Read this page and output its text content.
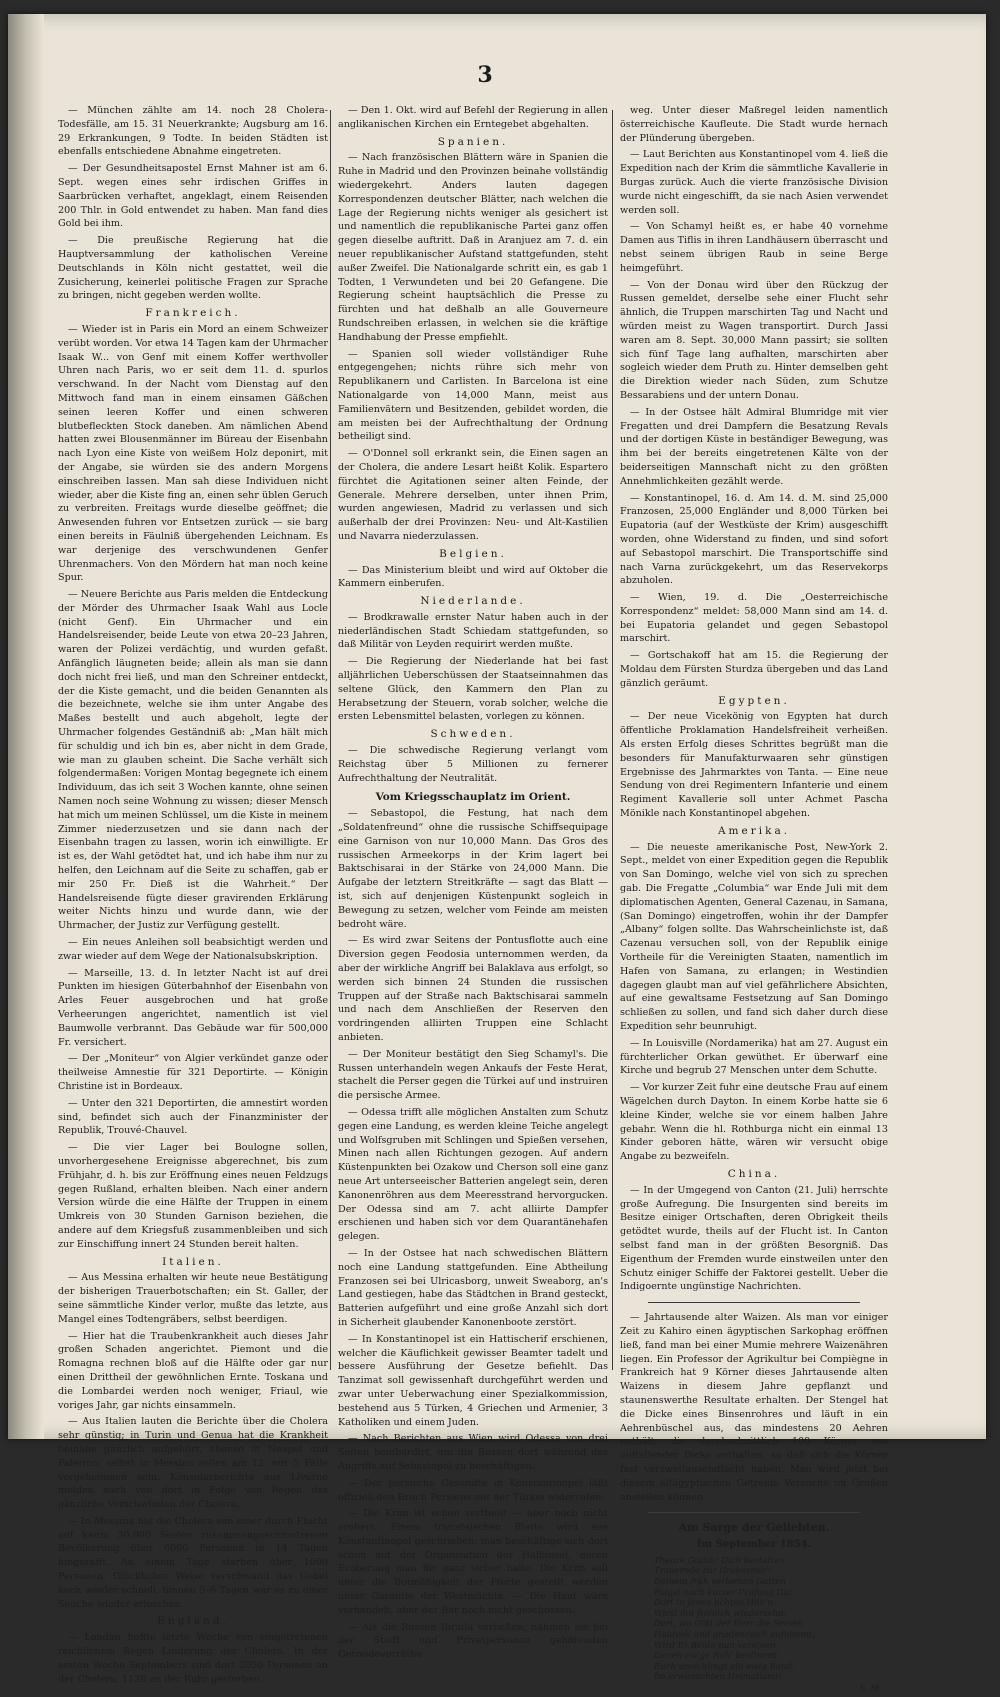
3

— München zählte am 14. noch 28 Cholera-Todesfälle, am 15. 31 Neuerkrankte; Augsburg am 16. 29 Erkrankungen, 9 Todte. In beiden Städten ist ebenfalls entschiedene Abnahme eingetreten.

— Der Gesundheitsapostel Ernst Mahner ist am 6. Sept. wegen eines sehr irdischen Griffes in Saarbrücken verhaftet, angeklagt, einem Reisenden 200 Thlr. in Gold entwendet zu haben. Man fand dies Gold bei ihm.

— Die preußische Regierung hat die Hauptversammlung der katholischen Vereine Deutschlands in Köln nicht gestattet, weil die Zusicherung, keinerlei politische Fragen zur Sprache zu bringen, nicht gegeben werden wollte.

Frankreich.

— Wieder ist in Paris ein Mord an einem Schweizer verübt worden. Vor etwa 14 Tagen kam der Uhrmacher Isaak W... von Genf mit einem Koffer werthvoller Uhren nach Paris, wo er seit dem 11. d. spurlos verschwand. In der Nacht vom Dienstag auf den Mittwoch fand man in einem einsamen Gäßchen seinen leeren Koffer und einen schweren blutbefleckten Stock daneben. Am nämlichen Abend hatten zwei Blousenmänner im Büreau der Eisenbahn nach Lyon eine Kiste von weißem Holz deponirt, mit der Angabe, sie würden sie des andern Morgens einschreiben lassen. Man sah diese Individuen nicht wieder, aber die Kiste fing an, einen sehr üblen Geruch zu verbreiten. Freitags wurde dieselbe geöffnet; die Anwesenden fuhren vor Entsetzen zurück — sie barg einen bereits in Fäulniß übergehenden Leichnam. Es war derjenige des verschwundenen Genfer Uhrenmachers. Von den Mördern hat man noch keine Spur.

— Neuere Berichte aus Paris melden die Entdeckung der Mörder des Uhrmacher Isaak Wahl aus Locle (nicht Genf). Ein Uhrmacher und ein Handelsreisender, beide Leute von etwa 20–23 Jahren, waren der Polizei verdächtig, und wurden gefaßt. Anfänglich läugneten beide; allein als man sie dann doch nicht frei ließ, und man den Schreiner entdeckt, der die Kiste gemacht, und die beiden Genannten als die bezeichnete, welche sie ihm unter Angabe des Maßes bestellt und auch abgeholt, legte der Uhrmacher folgendes Geständniß ab: „Man hält mich für schuldig und ich bin es, aber nicht in dem Grade, wie man zu glauben scheint. Die Sache verhält sich folgendermaßen: Vorigen Montag begegnete ich einem Individuum, das ich seit 3 Wochen kannte, ohne seinen Namen noch seine Wohnung zu wissen; dieser Mensch hat mich um meinen Schlüssel, um die Kiste in meinem Zimmer niederzusetzen und sie dann nach der Eisenbahn tragen zu lassen, worin ich einwilligte. Er ist es, der Wahl getödtet hat, und ich habe ihm nur zu helfen, den Leichnam auf die Seite zu schaffen, gab er mir 250 Fr. Dieß ist die Wahrheit.“ Der Handelsreisende fügte dieser gravirenden Erklärung weiter Nichts hinzu und wurde dann, wie der Uhrmacher, der Justiz zur Verfügung gestellt.

— Ein neues Anleihen soll beabsichtigt werden und zwar wieder auf dem Wege der Nationalsubskription.

— Marseille, 13. d. In letzter Nacht ist auf drei Punkten im hiesigen Güterbahnhof der Eisenbahn von Arles Feuer ausgebrochen und hat große Verheerungen angerichtet, namentlich ist viel Baumwolle verbrannt. Das Gebäude war für 500,000 Fr. versichert.

— Der „Moniteur“ von Algier verkündet ganze oder theilweise Amnestie für 321 Deportirte. — Königin Christine ist in Bordeaux.

— Unter den 321 Deportirten, die amnestirt worden sind, befindet sich auch der Finanzminister der Republik, Trouvé-Chauvel.

— Die vier Lager bei Boulogne sollen, unvorhergesehene Ereignisse abgerechnet, bis zum Frühjahr, d. h. bis zur Eröffnung eines neuen Feldzugs gegen Rußland, erhalten bleiben. Nach einer andern Version würde die eine Hälfte der Truppen in einem Umkreis von 30 Stunden Garnison beziehen, die andere auf dem Kriegsfuß zusammenbleiben und sich zur Einschiffung innert 24 Stunden bereit halten.

Italien.

— Aus Messina erhalten wir heute neue Bestätigung der bisherigen Trauerbotschaften; ein St. Galler, der seine sämmtliche Kinder verlor, mußte das letzte, aus Mangel eines Todtengräbers, selbst beerdigen.

— Hier hat die Traubenkrankheit auch dieses Jahr großen Schaden angerichtet. Piemont und die Romagna rechnen bloß auf die Hälfte oder gar nur einen Drittheil der gewöhnlichen Ernte. Toskana und die Lombardei werden noch weniger, Friaul, wie voriges Jahr, gar nichts einsammeln.

— Aus Italien lauten die Berichte über die Cholera sehr günstig; in Turin und Genua hat die Krankheit beinahe gänzlich aufgehört, ebenso in Neapel und Palermo; selbst in Messina sollen am 12. nur 5 Fälle vorgekommen sein. Konsularberichte aus Livorno melden auch von dort in Folge von Regen das gänzliche Verschwinden der Cholera.

— In Messina hat die Cholera von einer durch Flucht auf kaum 30,000 Seelen zusammengeschmolzenen Bevölkerung über 6000 Personen in 14 Tagen hingerafft. An einem Tage starben über 1000 Personen. Glücklicher Weise verschwand das Uebel auch wieder schnell, binnen 5–6 Tagen war es zu einer Seuche wieder erloschen.

England.

— London hoffte letzte Woche von eingetretenen reichlichem Regen Linderung der Cholera. In der ersten Woche Septembers sind dort 2050 Personen an der Cholera, 1128 an der Ruhr gestorben.

— Den 1. Okt. wird auf Befehl der Regierung in allen anglikanischen Kirchen ein Erntegebet abgehalten.

Spanien.

— Nach französischen Blättern wäre in Spanien die Ruhe in Madrid und den Provinzen beinahe vollständig wiedergekehrt. Anders lauten dagegen Korrespondenzen deutscher Blätter, nach welchen die Lage der Regierung nichts weniger als gesichert ist und namentlich die republikanische Partei ganz offen gegen dieselbe auftritt. Daß in Aranjuez am 7. d. ein neuer republikanischer Aufstand stattgefunden, steht außer Zweifel. Die Nationalgarde schritt ein, es gab 1 Todten, 1 Verwundeten und bei 20 Gefangene. Die Regierung scheint hauptsächlich die Presse zu fürchten und hat deßhalb an alle Gouverneure Rundschreiben erlassen, in welchen sie die kräftige Handhabung der Presse empfiehlt.

— Spanien soll wieder vollständiger Ruhe entgegengehen; nichts rühre sich mehr von Republikanern und Carlisten. In Barcelona ist eine Nationalgarde von 14,000 Mann, meist aus Familienvätern und Besitzenden, gebildet worden, die am meisten bei der Aufrechthaltung der Ordnung betheiligt sind.

— O'Donnel soll erkrankt sein, die Einen sagen an der Cholera, die andere Lesart heißt Kolik. Espartero fürchtet die Agitationen seiner alten Feinde, der Generale. Mehrere derselben, unter ihnen Prim, wurden angewiesen, Madrid zu verlassen und sich außerhalb der drei Provinzen: Neu- und Alt-Kastilien und Navarra niederzulassen.

Belgien.

— Das Ministerium bleibt und wird auf Oktober die Kammern einberufen.

Niederlande.

— Brodkrawalle ernster Natur haben auch in der niederländischen Stadt Schiedam stattgefunden, so daß Militär von Leyden requirirt werden mußte.

— Die Regierung der Niederlande hat bei fast alljährlichen Ueberschüssen der Staatseinnahmen das seltene Glück, den Kammern den Plan zu Herabsetzung der Steuern, vorab solcher, welche die ersten Lebensmittel belasten, vorlegen zu können.

Schweden.

— Die schwedische Regierung verlangt vom Reichstag über 5 Millionen zu fernerer Aufrechthaltung der Neutralität.

Vom Kriegsschauplatz im Orient.

— Sebastopol, die Festung, hat nach dem „Soldatenfreund“ ohne die russische Schiffsequipage eine Garnison von nur 10,000 Mann. Das Gros des russischen Armeekorps in der Krim lagert bei Baktschisarai in der Stärke von 24,000 Mann. Die Aufgabe der letztern Streitkräfte — sagt das Blatt — ist, sich auf denjenigen Küstenpunkt sogleich in Bewegung zu setzen, welcher vom Feinde am meisten bedroht wäre.

— Es wird zwar Seitens der Pontusflotte auch eine Diversion gegen Feodosia unternommen werden, da aber der wirkliche Angriff bei Balaklava aus erfolgt, so werden sich binnen 24 Stunden die russischen Truppen auf der Straße nach Baktschisarai sammeln und nach dem Anschließen der Reserven den vordringenden alliirten Truppen eine Schlacht anbieten.

— Der Moniteur bestätigt den Sieg Schamyl's. Die Russen unterhandeln wegen Ankaufs der Feste Herat, stachelt die Perser gegen die Türkei auf und instruiren die persische Armee.

— Odessa trifft alle möglichen Anstalten zum Schutz gegen eine Landung, es werden kleine Teiche angelegt und Wolfsgruben mit Schlingen und Spießen versehen, Minen nach allen Richtungen gezogen. Auf andern Küstenpunkten bei Ozakow und Cherson soll eine ganz neue Art unterseeischer Batterien angelegt sein, deren Kanonenröhren aus dem Meeresstrand hervorgucken. Der Odessa sind am 7. acht alliirte Dampfer erschienen und haben sich vor dem Quarantänehafen gelegen.

— In der Ostsee hat nach schwedischen Blättern noch eine Landung stattgefunden. Eine Abtheilung Franzosen sei bei Ulricasborg, unweit Sweaborg, an's Land gestiegen, habe das Städtchen in Brand gesteckt, Batterien aufgeführt und eine große Anzahl sich dort in Sicherheit glaubender Kanonenboote zerstört.

— In Konstantinopel ist ein Hattischerif erschienen, welcher die Käuflichkeit gewisser Beamter tadelt und bessere Ausführung der Gesetze befiehlt. Das Tanzimat soll gewissenhaft durchgeführt werden und zwar unter Ueberwachung einer Spezialkommission, bestehend aus 5 Türken, 4 Griechen und Armenier, 3 Katholiken und einem Juden.

— Nach Berichten aus Wien wird Odessa von drei Seiten bombardirt, um die Russen dort während des Angriffs auf Sebastopol zu beschäftigen.

— Der persische Gesandte in Konstantinopel läßt offiziell den Bruch Persiens mit der Türkei widerrufen.

— Die Krim ist schon vertheilt — aber noch nicht erobert. Einem französischen Blatte wird aus Konstantinopel geschrieben: man beschäftige sich dort schon mit der Organisation der Halbinsel, deren Eroberung man für ganz sicher halte. Die Krim soll unter die Botmäßigkeit der Pforte gestellt werden unter Garantie der Westmächte. — Die Haut wäre verhandelt, aber der Bär noch nicht geschossen.

— Als die Russen Ibraila verließen, nahmen sie bei der Stadt und Privatpersonen gehörenden Getreidevorräthe

weg. Unter dieser Maßregel leiden namentlich österreichische Kaufleute. Die Stadt wurde hernach der Plünderung übergeben.

— Laut Berichten aus Konstantinopel vom 4. ließ die Expedition nach der Krim die sämmtliche Kavallerie in Burgas zurück. Auch die vierte französische Division wurde nicht eingeschifft, da sie nach Asien verwendet werden soll.

— Von Schamyl heißt es, er habe 40 vornehme Damen aus Tiflis in ihren Landhäusern überrascht und nebst seinem übrigen Raub in seine Berge heimgeführt.

— Von der Donau wird über den Rückzug der Russen gemeldet, derselbe sehe einer Flucht sehr ähnlich, die Truppen marschirten Tag und Nacht und würden meist zu Wagen transportirt. Durch Jassi waren am 8. Sept. 30,000 Mann passirt; sie sollten sich fünf Tage lang aufhalten, marschirten aber sogleich wieder dem Pruth zu. Hinter demselben geht die Direktion wieder nach Süden, zum Schutze Bessarabiens und der untern Donau.

— In der Ostsee hält Admiral Blumridge mit vier Fregatten und drei Dampfern die Besatzung Revals und der dortigen Küste in beständiger Bewegung, was ihm bei der bereits eingetretenen Kälte von der beiderseitigen Mannschaft nicht zu den größten Annehmlichkeiten gezählt werde.

— Konstantinopel, 16. d. Am 14. d. M. sind 25,000 Franzosen, 25,000 Engländer und 8,000 Türken bei Eupatoria (auf der Westküste der Krim) ausgeschifft worden, ohne Widerstand zu finden, und sind sofort auf Sebastopol marschirt. Die Transportschiffe sind nach Varna zurückgekehrt, um das Reservekorps abzuholen.

— Wien, 19. d. Die „Oesterreichische Korrespondenz“ meldet: 58,000 Mann sind am 14. d. bei Eupatoria gelandet und gegen Sebastopol marschirt.

— Gortschakoff hat am 15. die Regierung der Moldau dem Fürsten Sturdza übergeben und das Land gänzlich geräumt.

Egypten.

— Der neue Vicekönig von Egypten hat durch öffentliche Proklamation Handelsfreiheit verheißen. Als ersten Erfolg dieses Schrittes begrüßt man die besonders für Manufakturwaaren sehr günstigen Ergebnisse des Jahrmarktes von Tanta. — Eine neue Sendung von drei Regimentern Infanterie und einem Regiment Kavallerie soll unter Achmet Pascha Mönikle nach Konstantinopel abgehen.

Amerika.

— Die neueste amerikanische Post, New-York 2. Sept., meldet von einer Expedition gegen die Republik von San Domingo, welche viel von sich zu sprechen gab. Die Fregatte „Columbia“ war Ende Juli mit dem diplomatischen Agenten, General Cazenau, in Samana, (San Domingo) eingetroffen, wohin ihr der Dampfer „Albany“ folgen sollte. Das Wahrscheinlichste ist, daß Cazenau versuchen soll, von der Republik einige Vortheile für die Vereinigten Staaten, namentlich im Hafen von Samana, zu erlangen; in Westindien dagegen glaubt man auf viel gefährlichere Absichten, auf eine gewaltsame Festsetzung auf San Domingo schließen zu sollen, und fand sich daher durch diese Expedition sehr beunruhigt.

— In Louisville (Nordamerika) hat am 27. August ein fürchterlicher Orkan gewüthet. Er überwarf eine Kirche und begrub 27 Menschen unter dem Schutte.

— Vor kurzer Zeit fuhr eine deutsche Frau auf einem Wägelchen durch Dayton. In einem Korbe hatte sie 6 kleine Kinder, welche sie vor einem halben Jahre gebahr. Wenn die hl. Rothburga nicht ein einmal 13 Kinder geboren hätte, wären wir versucht obige Angabe zu bezweifeln.

China.

— In der Umgegend von Canton (21. Juli) herrschte große Aufregung. Die Insurgenten sind bereits im Besitze einiger Ortschaften, deren Obrigkeit theils getödtet wurde, theils auf der Flucht ist. In Canton selbst fand man in der größten Besorgniß. Das Eigenthum der Fremden wurde einstweilen unter den Schutz einiger Schiffe der Faktorei gestellt. Ueber die Indigoernte ungünstige Nachrichten.

— Jahrtausende alter Waizen. Als man vor einiger Zeit zu Kahiro einen ägyptischen Sarkophag eröffnen ließ, fand man bei einer Mumie mehrere Waizenähren liegen. Ein Professor der Agrikultur bei Compiègne in Frankreich hat 9 Körner dieses Jahrtausende alten Waizens in diesem Jahre gepflanzt und staunenswerthe Resultate erhalten. Der Stengel hat die Dicke eines Binsenrohres und läuft in ein Aehrenbüschel aus, das mindestens 20 Aehren enthält, die durchschnittlich 100 Körner von auffallender Dicke enthalten, so daß sich die Körner fast verzweitausendfacht haben. Man wird jetzt bei diesem altägyptischen Getreide Versuche im Großen anstellen können.

Am Sarge der Geliebten.
Im September 1854.
Theure Gattin! Dich bestatten
Trauernde zur Grabesruh'!
Deinem früh verlornen Gatten
Folgst nach kurzer Prüfung Du!
Dort in jenen lichten Höh'n
Wirst ihn fröhlich wiedersehn!
Dort, wo Gott der Herr die Seinen
Huldvoll und gnadenreich aufnimmt,
Wird Er Beide nun vereinen,
Denen ew'ge Ruh' bestimmt;
Euch umschlingt ein ewig Band,
Im erwünschten Heimatland!
S. M.
